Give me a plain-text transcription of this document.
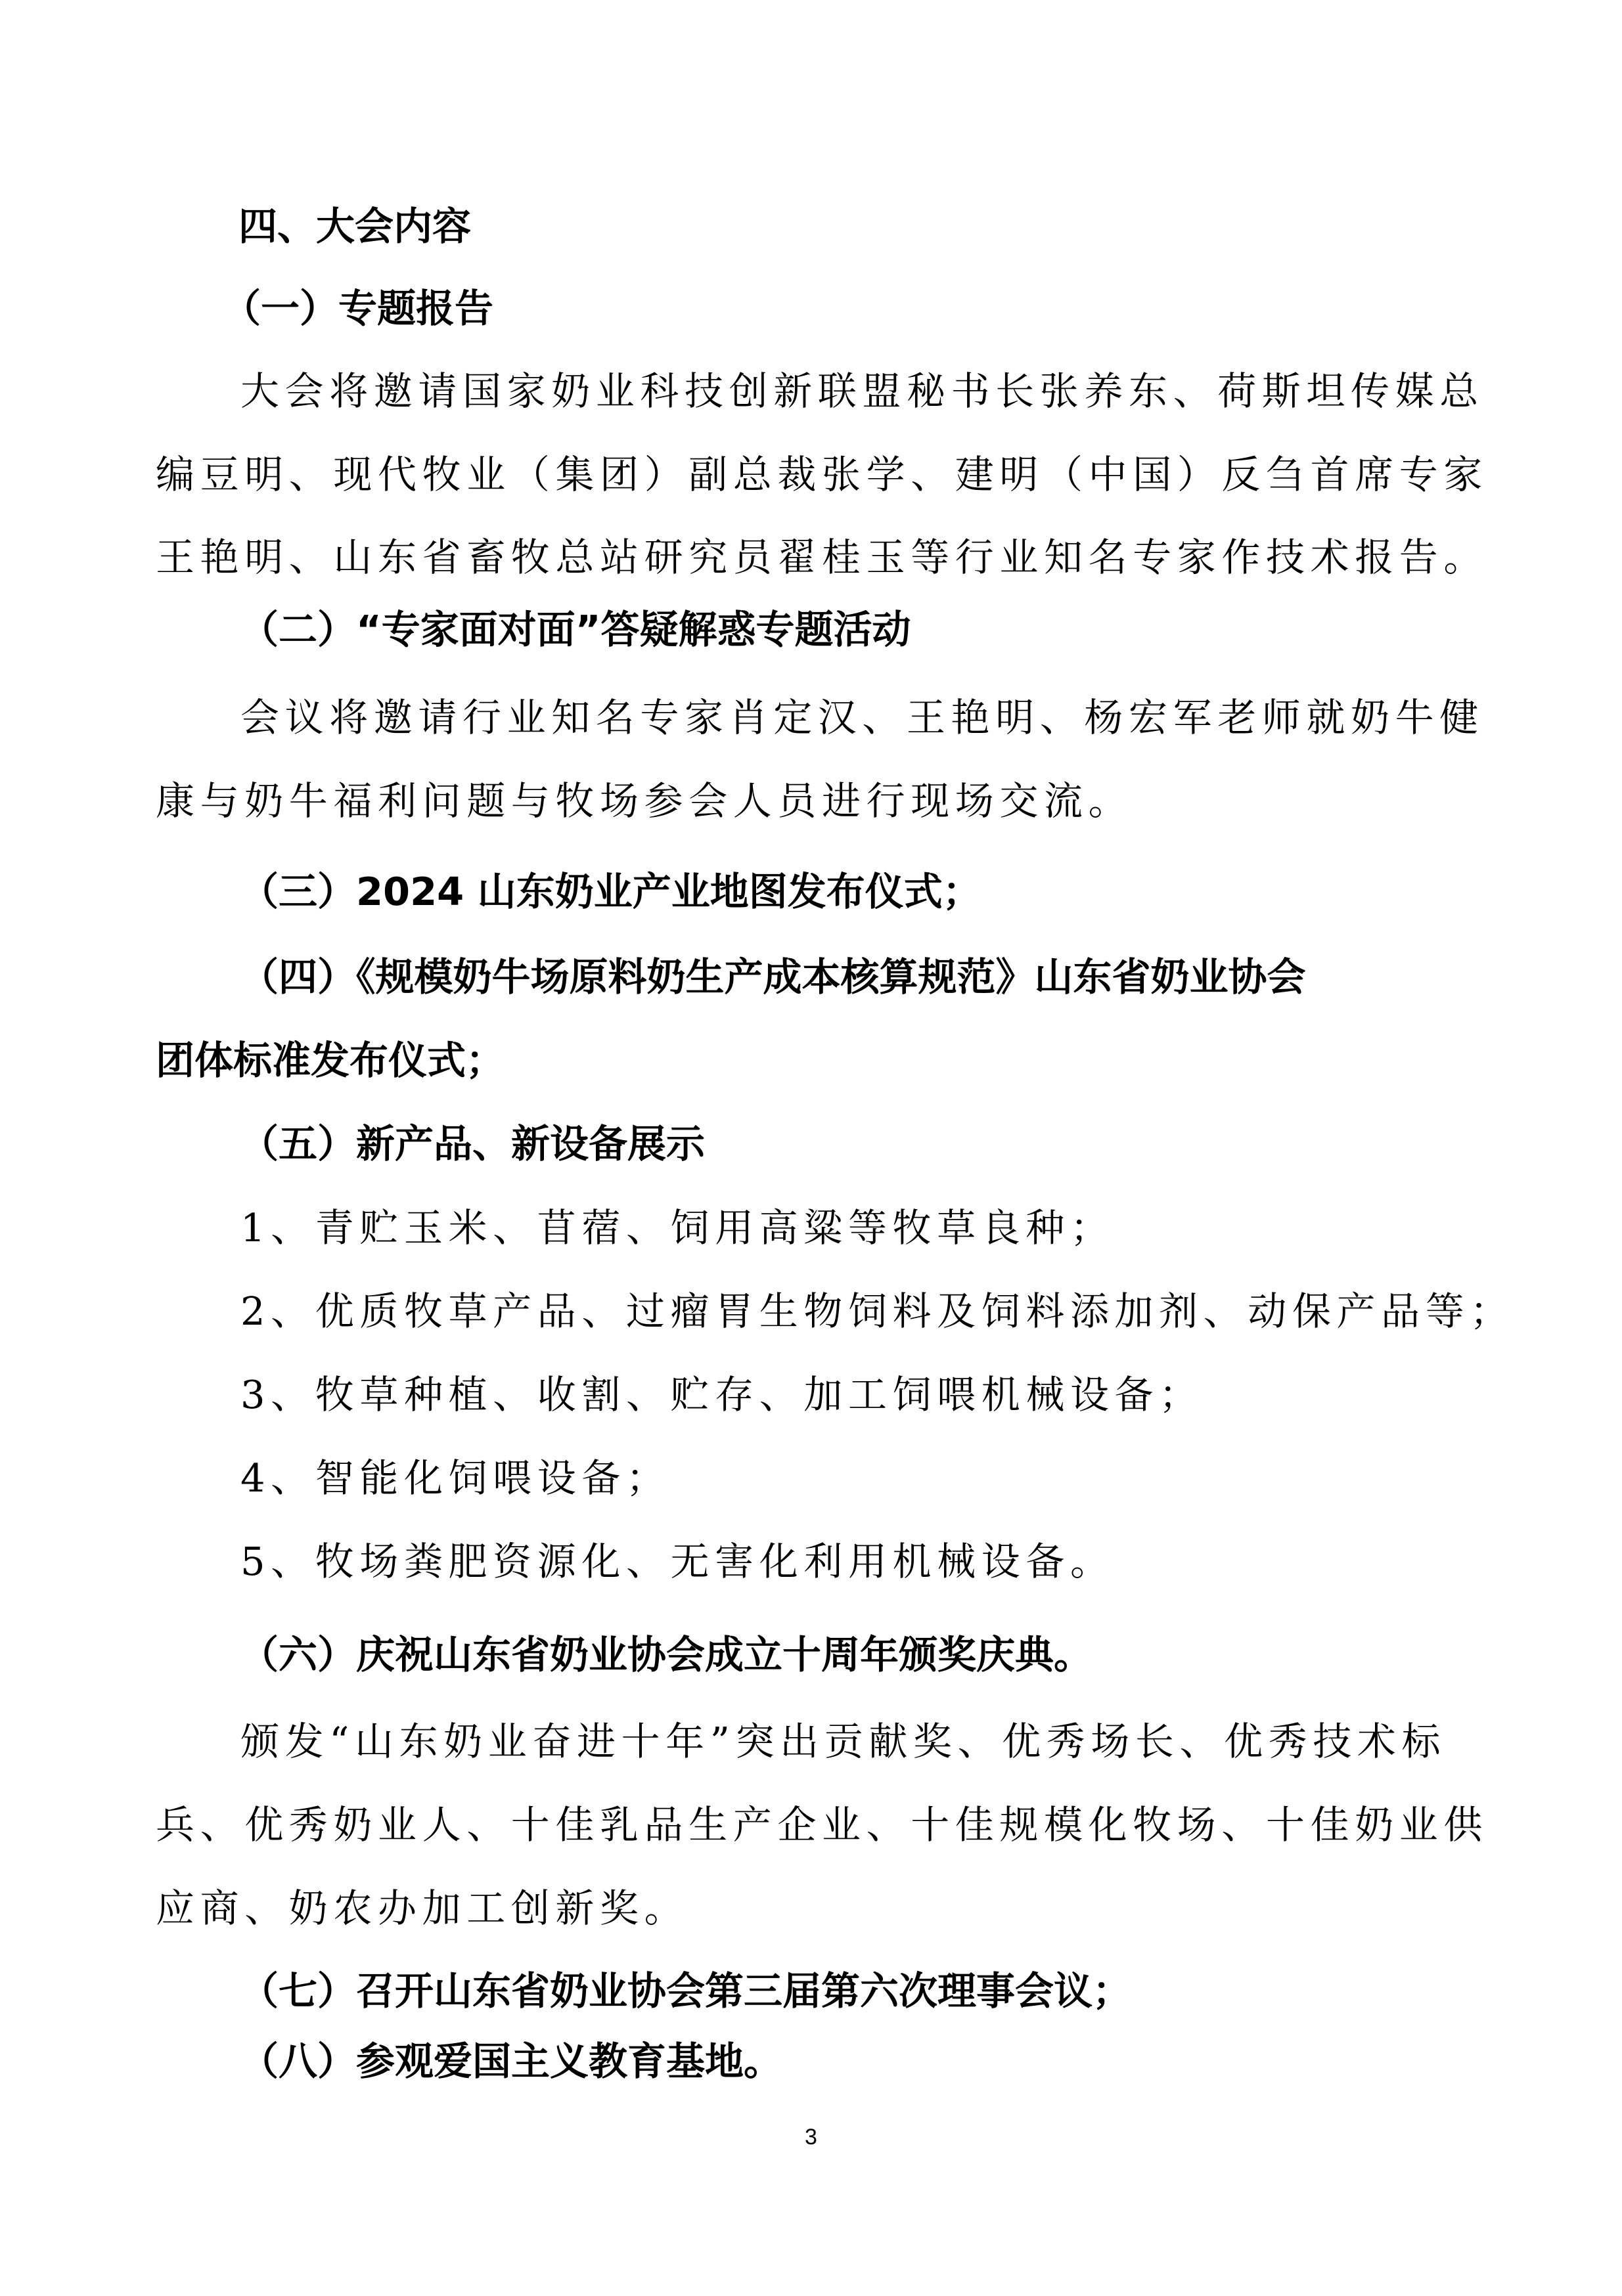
四、大会内容
（一）专题报告
大会将邀请国家奶业科技创新联盟秘书长张养东、荷斯坦传媒总
编豆明、现代牧业（集团）副总裁张学、建明（中国）反刍首席专家
王艳明、山东省畜牧总站研究员翟桂玉等行业知名专家作技术报告。
（二）“专家面对面”答疑解惑专题活动
会议将邀请行业知名专家肖定汉、王艳明、杨宏军老师就奶牛健
康与奶牛福利问题与牧场参会人员进行现场交流。
（三）2024 山东奶业产业地图发布仪式；
（四）《规模奶牛场原料奶生产成本核算规范》山东省奶业协会
团体标准发布仪式；
（五）新产品、新设备展示
1、青贮玉米、苜蓿、饲用高粱等牧草良种；
2、优质牧草产品、过瘤胃生物饲料及饲料添加剂、动保产品等；
3、牧草种植、收割、贮存、加工饲喂机械设备；
4、智能化饲喂设备；
5、牧场粪肥资源化、无害化利用机械设备。
（六）庆祝山东省奶业协会成立十周年颁奖庆典。
颁发“山东奶业奋进十年”突出贡献奖、优秀场长、优秀技术标
兵、优秀奶业人、十佳乳品生产企业、十佳规模化牧场、十佳奶业供
应商、奶农办加工创新奖。
（七）召开山东省奶业协会第三届第六次理事会议；
（八）参观爱国主义教育基地。
3
